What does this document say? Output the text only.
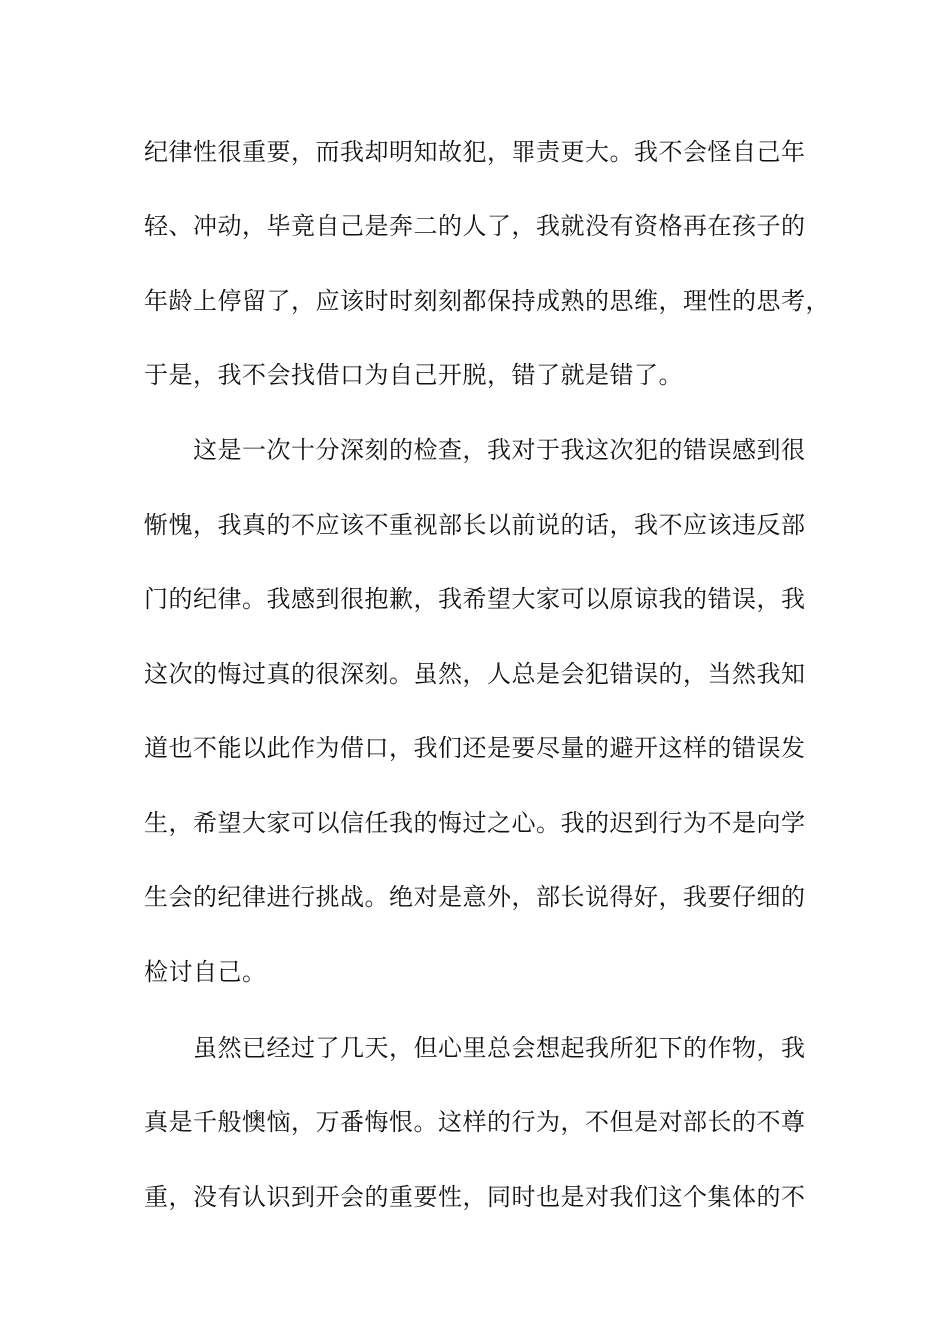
纪律性很重要，而我却明知故犯，罪责更大。我不会怪自己年
轻、冲动，毕竟自己是奔二的人了，我就没有资格再在孩子的
年龄上停留了，应该时时刻刻都保持成熟的思维，理性的思考，
于是，我不会找借口为自己开脱，错了就是错了。
这是一次十分深刻的检查，我对于我这次犯的错误感到很
惭愧，我真的不应该不重视部长以前说的话，我不应该违反部
门的纪律。我感到很抱歉，我希望大家可以原谅我的错误，我
这次的悔过真的很深刻。虽然，人总是会犯错误的，当然我知
道也不能以此作为借口，我们还是要尽量的避开这样的错误发
生，希望大家可以信任我的悔过之心。我的迟到行为不是向学
生会的纪律进行挑战。绝对是意外，部长说得好，我要仔细的
检讨自己。
虽然已经过了几天，但心里总会想起我所犯下的作物，我
真是千般懊恼，万番悔恨。这样的行为，不但是对部长的不尊
重，没有认识到开会的重要性，同时也是对我们这个集体的不
